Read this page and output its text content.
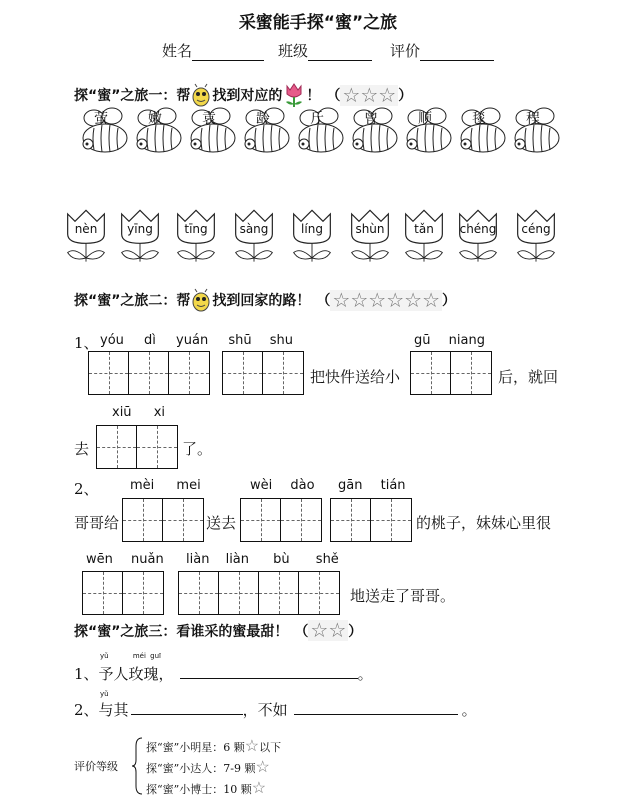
采蜜能手探“蜜”之旅
姓名	班级	评价
探“蜜”之旅一：帮 找到对应的 ！ （ ☆☆☆ ）
萤	嫩	袁	龄	斤	曾	顺	毯	程
nèn	yīng	tīng	sàng	líng	shùn	tǎn	chéng	céng
探“蜜”之旅二：帮 找到回家的路！ （ ☆☆☆☆☆☆ ）
1、 yóu dì yuán shū shu
把快件送给小
gū niang
后，就回
xiū xi
去	了。
2、 mèi mei	wèi dào gān tián
哥哥给	送去	的桃子，妹妹心里很
wēn nuǎn liàn liàn bù shě
地送走了哥哥。
探“蜜”之旅三：看谁采的蜜最甜！ （ ☆☆ ）
yǔ	méi guī
1、予人玫瑰，	。
yǔ
2、与其	，不如	。
评价等级
探“蜜”小明星：6 颗☆以下
探“蜜”小达人：7-9 颗☆
探“蜜”小博士：10 颗☆
